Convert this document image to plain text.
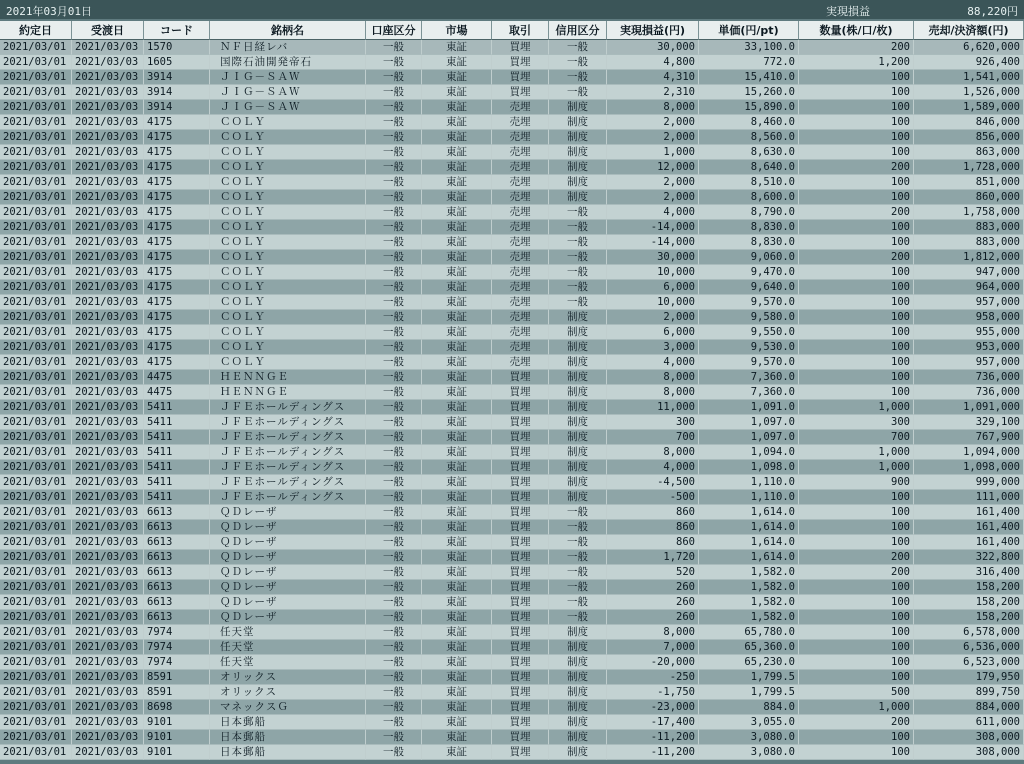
2021年03月01日	実現損益	88,220円
約定日	受渡日	コード	銘柄名	口座区分	市場	取引	信用区分	実現損益(円)	単価(円/pt)	数量(株/口/枚)	売却/決済額(円)
2021/03/01	2021/03/03	1570	ＮＦ日経レバ	一般	東証	買埋	一般	30,000	33,100.0	200	6,620,000
2021/03/01	2021/03/03	1605	国際石油開発帝石	一般	東証	買埋	一般	4,800	772.0	1,200	926,400
2021/03/01	2021/03/03	3914	ＪＩＧ－ＳＡＷ	一般	東証	買埋	一般	4,310	15,410.0	100	1,541,000
2021/03/01	2021/03/03	3914	ＪＩＧ－ＳＡＷ	一般	東証	買埋	一般	2,310	15,260.0	100	1,526,000
2021/03/01	2021/03/03	3914	ＪＩＧ－ＳＡＷ	一般	東証	売埋	制度	8,000	15,890.0	100	1,589,000
2021/03/01	2021/03/03	4175	ＣＯＬＹ	一般	東証	売埋	制度	2,000	8,460.0	100	846,000
2021/03/01	2021/03/03	4175	ＣＯＬＹ	一般	東証	売埋	制度	2,000	8,560.0	100	856,000
2021/03/01	2021/03/03	4175	ＣＯＬＹ	一般	東証	売埋	制度	1,000	8,630.0	100	863,000
2021/03/01	2021/03/03	4175	ＣＯＬＹ	一般	東証	売埋	制度	12,000	8,640.0	200	1,728,000
2021/03/01	2021/03/03	4175	ＣＯＬＹ	一般	東証	売埋	制度	2,000	8,510.0	100	851,000
2021/03/01	2021/03/03	4175	ＣＯＬＹ	一般	東証	売埋	制度	2,000	8,600.0	100	860,000
2021/03/01	2021/03/03	4175	ＣＯＬＹ	一般	東証	売埋	一般	4,000	8,790.0	200	1,758,000
2021/03/01	2021/03/03	4175	ＣＯＬＹ	一般	東証	売埋	一般	-14,000	8,830.0	100	883,000
2021/03/01	2021/03/03	4175	ＣＯＬＹ	一般	東証	売埋	一般	-14,000	8,830.0	100	883,000
2021/03/01	2021/03/03	4175	ＣＯＬＹ	一般	東証	売埋	一般	30,000	9,060.0	200	1,812,000
2021/03/01	2021/03/03	4175	ＣＯＬＹ	一般	東証	売埋	一般	10,000	9,470.0	100	947,000
2021/03/01	2021/03/03	4175	ＣＯＬＹ	一般	東証	売埋	一般	6,000	9,640.0	100	964,000
2021/03/01	2021/03/03	4175	ＣＯＬＹ	一般	東証	売埋	一般	10,000	9,570.0	100	957,000
2021/03/01	2021/03/03	4175	ＣＯＬＹ	一般	東証	売埋	制度	2,000	9,580.0	100	958,000
2021/03/01	2021/03/03	4175	ＣＯＬＹ	一般	東証	売埋	制度	6,000	9,550.0	100	955,000
2021/03/01	2021/03/03	4175	ＣＯＬＹ	一般	東証	売埋	制度	3,000	9,530.0	100	953,000
2021/03/01	2021/03/03	4175	ＣＯＬＹ	一般	東証	売埋	制度	4,000	9,570.0	100	957,000
2021/03/01	2021/03/03	4475	ＨＥＮＮＧＥ	一般	東証	買埋	制度	8,000	7,360.0	100	736,000
2021/03/01	2021/03/03	4475	ＨＥＮＮＧＥ	一般	東証	買埋	制度	8,000	7,360.0	100	736,000
2021/03/01	2021/03/03	5411	ＪＦＥホールディングス	一般	東証	買埋	制度	11,000	1,091.0	1,000	1,091,000
2021/03/01	2021/03/03	5411	ＪＦＥホールディングス	一般	東証	買埋	制度	300	1,097.0	300	329,100
2021/03/01	2021/03/03	5411	ＪＦＥホールディングス	一般	東証	買埋	制度	700	1,097.0	700	767,900
2021/03/01	2021/03/03	5411	ＪＦＥホールディングス	一般	東証	買埋	制度	8,000	1,094.0	1,000	1,094,000
2021/03/01	2021/03/03	5411	ＪＦＥホールディングス	一般	東証	買埋	制度	4,000	1,098.0	1,000	1,098,000
2021/03/01	2021/03/03	5411	ＪＦＥホールディングス	一般	東証	買埋	制度	-4,500	1,110.0	900	999,000
2021/03/01	2021/03/03	5411	ＪＦＥホールディングス	一般	東証	買埋	制度	-500	1,110.0	100	111,000
2021/03/01	2021/03/03	6613	ＱＤレーザ	一般	東証	買埋	一般	860	1,614.0	100	161,400
2021/03/01	2021/03/03	6613	ＱＤレーザ	一般	東証	買埋	一般	860	1,614.0	100	161,400
2021/03/01	2021/03/03	6613	ＱＤレーザ	一般	東証	買埋	一般	860	1,614.0	100	161,400
2021/03/01	2021/03/03	6613	ＱＤレーザ	一般	東証	買埋	一般	1,720	1,614.0	200	322,800
2021/03/01	2021/03/03	6613	ＱＤレーザ	一般	東証	買埋	一般	520	1,582.0	200	316,400
2021/03/01	2021/03/03	6613	ＱＤレーザ	一般	東証	買埋	一般	260	1,582.0	100	158,200
2021/03/01	2021/03/03	6613	ＱＤレーザ	一般	東証	買埋	一般	260	1,582.0	100	158,200
2021/03/01	2021/03/03	6613	ＱＤレーザ	一般	東証	買埋	一般	260	1,582.0	100	158,200
2021/03/01	2021/03/03	7974	任天堂	一般	東証	買埋	制度	8,000	65,780.0	100	6,578,000
2021/03/01	2021/03/03	7974	任天堂	一般	東証	買埋	制度	7,000	65,360.0	100	6,536,000
2021/03/01	2021/03/03	7974	任天堂	一般	東証	買埋	制度	-20,000	65,230.0	100	6,523,000
2021/03/01	2021/03/03	8591	オリックス	一般	東証	買埋	制度	-250	1,799.5	100	179,950
2021/03/01	2021/03/03	8591	オリックス	一般	東証	買埋	制度	-1,750	1,799.5	500	899,750
2021/03/01	2021/03/03	8698	マネックスＧ	一般	東証	買埋	制度	-23,000	884.0	1,000	884,000
2021/03/01	2021/03/03	9101	日本郵船	一般	東証	買埋	制度	-17,400	3,055.0	200	611,000
2021/03/01	2021/03/03	9101	日本郵船	一般	東証	買埋	制度	-11,200	3,080.0	100	308,000
2021/03/01	2021/03/03	9101	日本郵船	一般	東証	買埋	制度	-11,200	3,080.0	100	308,000
